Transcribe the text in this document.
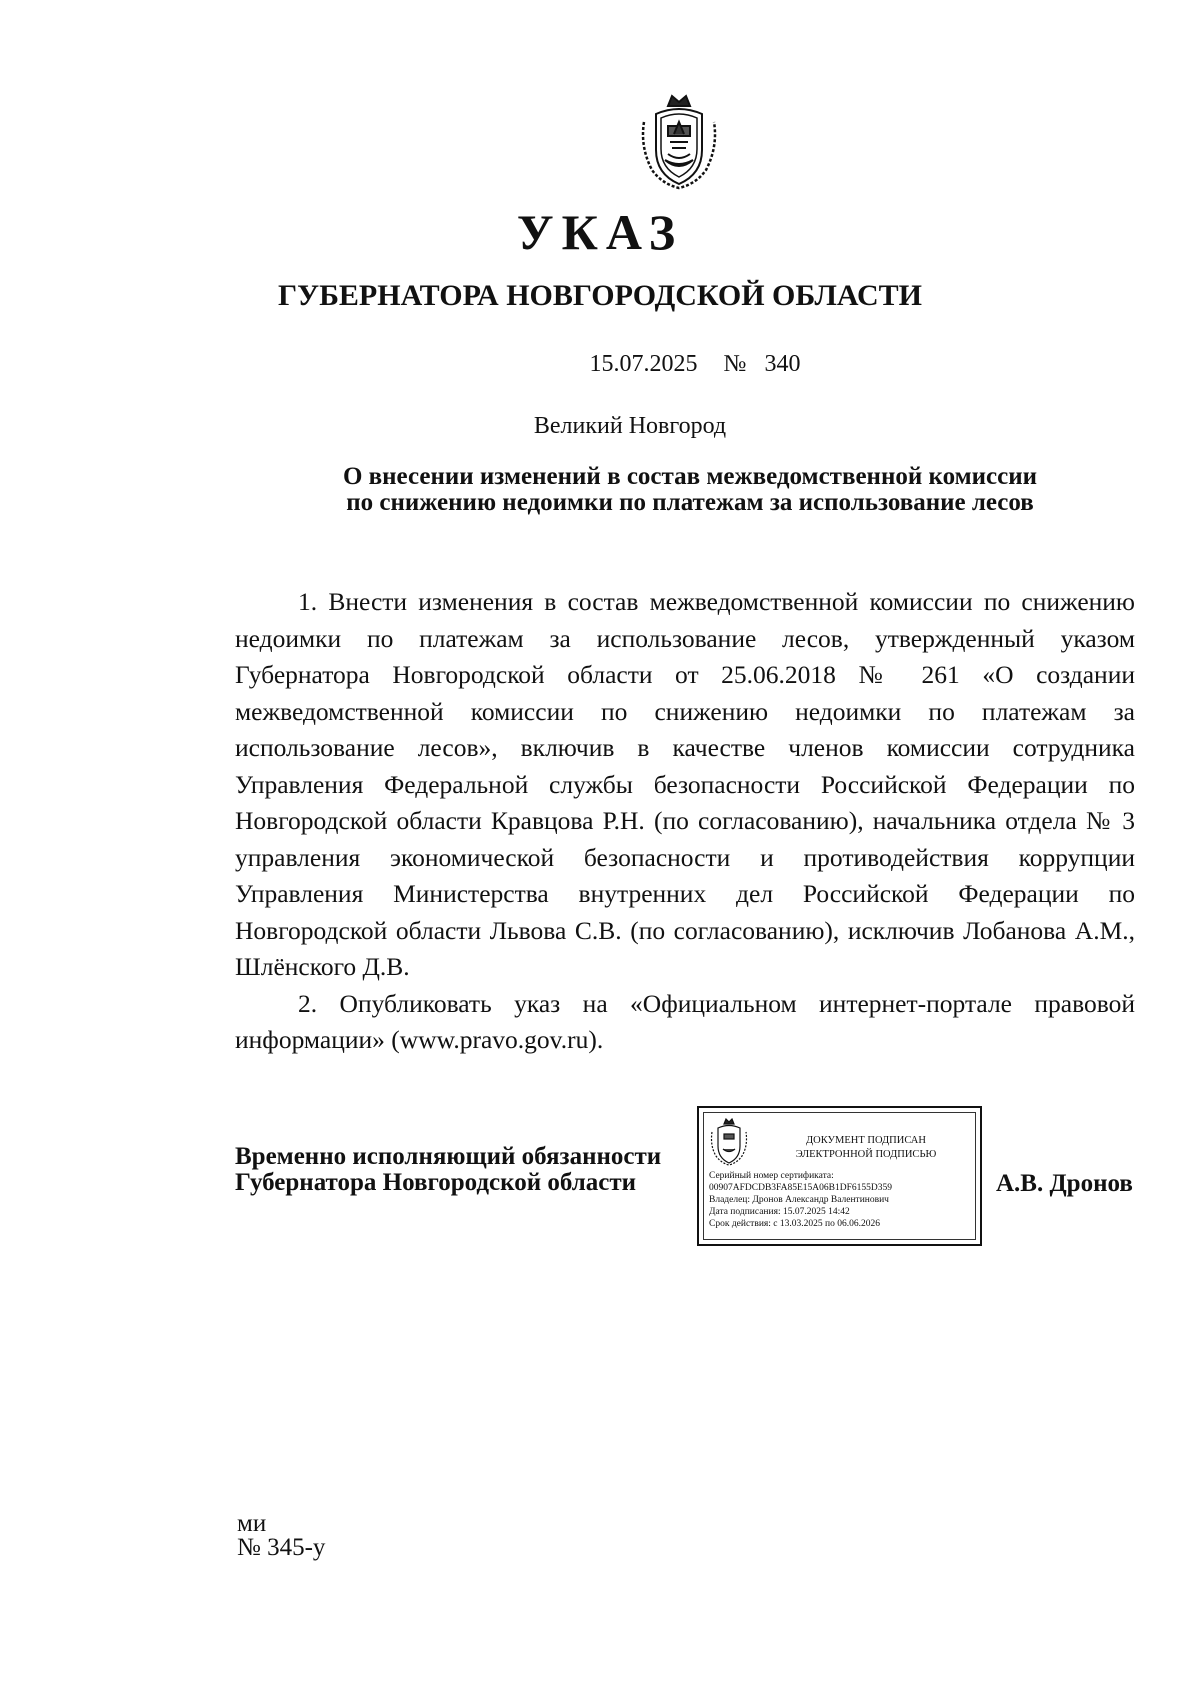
УКАЗ
ГУБЕРНАТОРА НОВГОРОДСКОЙ ОБЛАСТИ
15.07.2025 № 340
Великий Новгород
О внесении изменений в состав межведомственной комиссии
по снижению недоимки по платежам за использование лесов

1. Внести изменения в состав межведомственной комиссии по снижению недоимки по платежам за использование лесов, утвержденный указом Губернатора Новгородской области от 25.06.2018 № 261 «О создании межведомственной комиссии по снижению недоимки по платежам за использование лесов», включив в качестве членов комиссии сотрудника Управления Федеральной службы безопасности Российской Федерации по Новгородской области Кравцова Р.Н. (по согласованию), начальника отдела № 3 управления экономической безопасности и противодействия коррупции Управления Министерства внутренних дел Российской Федерации по Новгородской области Львова С.В. (по согласованию), исключив Лобанова А.М., Шлёнского Д.В.

2. Опубликовать указ на «Официальном интернет-портале правовой информации» (www.pravo.gov.ru).

Временно исполняющий обязанности
Губернатора Новгородской области
ДОКУМЕНТ ПОДПИСАН
ЭЛЕКТРОННОЙ ПОДПИСЬЮ
Серийный номер сертификата:
00907AFDCDB3FA85E15A06B1DF6155D359
Владелец: Дронов Александр Валентинович
Дата подписания: 15.07.2025 14:42
Срок действия: с 13.03.2025 по 06.06.2026
А.В. Дронов
ми
№ 345-у
